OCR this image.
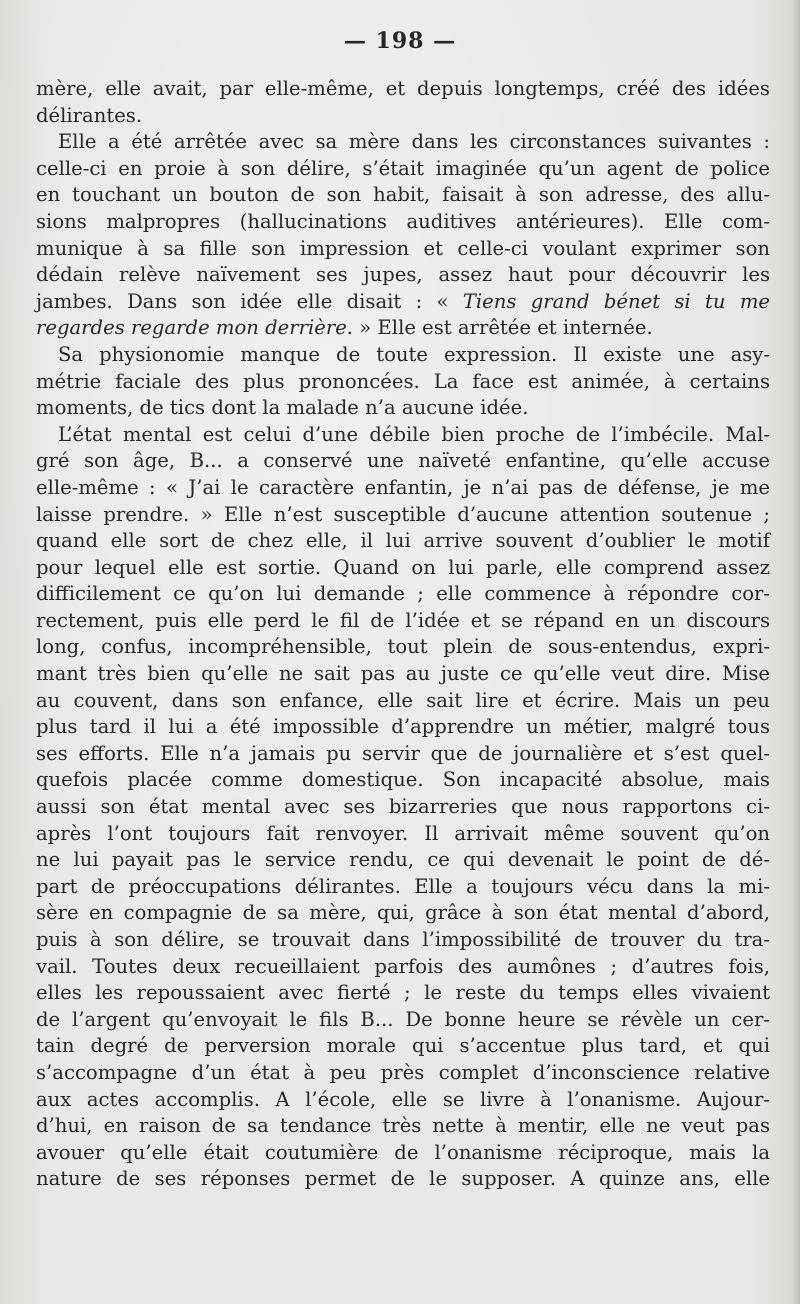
— 198 —
mère, elle avait, par elle-même, et depuis longtemps, créé des idées
délirantes.
Elle a été arrêtée avec sa mère dans les circonstances suivantes :
celle-ci en proie à son délire, s’était imaginée qu’un agent de police
en touchant un bouton de son habit, faisait à son adresse, des allu-
sions malpropres (hallucinations auditives antérieures). Elle com-
munique à sa fille son impression et celle-ci voulant exprimer son
dédain relève naïvement ses jupes, assez haut pour découvrir les
jambes. Dans son idée elle disait : « Tiens grand bénet si tu me
regardes regarde mon derrière. » Elle est arrêtée et internée.
Sa physionomie manque de toute expression. Il existe une asy-
métrie faciale des plus prononcées. La face est animée, à certains
moments, de tics dont la malade n’a aucune idée.
L’état mental est celui d’une débile bien proche de l’imbécile. Mal-
gré son âge, B... a conservé une naïveté enfantine, qu’elle accuse
elle-même : « J’ai le caractère enfantin, je n’ai pas de défense, je me
laisse prendre. » Elle n’est susceptible d’aucune attention soutenue ;
quand elle sort de chez elle, il lui arrive souvent d’oublier le motif
pour lequel elle est sortie. Quand on lui parle, elle comprend assez
difficilement ce qu’on lui demande ; elle commence à répondre cor-
rectement, puis elle perd le fil de l’idée et se répand en un discours
long, confus, incompréhensible, tout plein de sous-entendus, expri-
mant très bien qu’elle ne sait pas au juste ce qu’elle veut dire. Mise
au couvent, dans son enfance, elle sait lire et écrire. Mais un peu
plus tard il lui a été impossible d’apprendre un métier, malgré tous
ses efforts. Elle n’a jamais pu servir que de journalière et s’est quel-
quefois placée comme domestique. Son incapacité absolue, mais
aussi son état mental avec ses bizarreries que nous rapportons ci-
après l’ont toujours fait renvoyer. Il arrivait même souvent qu’on
ne lui payait pas le service rendu, ce qui devenait le point de dé-
part de préoccupations délirantes. Elle a toujours vécu dans la mi-
sère en compagnie de sa mère, qui, grâce à son état mental d’abord,
puis à son délire, se trouvait dans l’impossibilité de trouver du tra-
vail. Toutes deux recueillaient parfois des aumônes ; d’autres fois,
elles les repoussaient avec fierté ; le reste du temps elles vivaient
de l’argent qu’envoyait le fils B... De bonne heure se révèle un cer-
tain degré de perversion morale qui s’accentue plus tard, et qui
s’accompagne d’un état à peu près complet d’inconscience relative
aux actes accomplis. A l’école, elle se livre à l’onanisme. Aujour-
d’hui, en raison de sa tendance très nette à mentir, elle ne veut pas
avouer qu’elle était coutumière de l’onanisme réciproque, mais la
nature de ses réponses permet de le supposer. A quinze ans, elle
